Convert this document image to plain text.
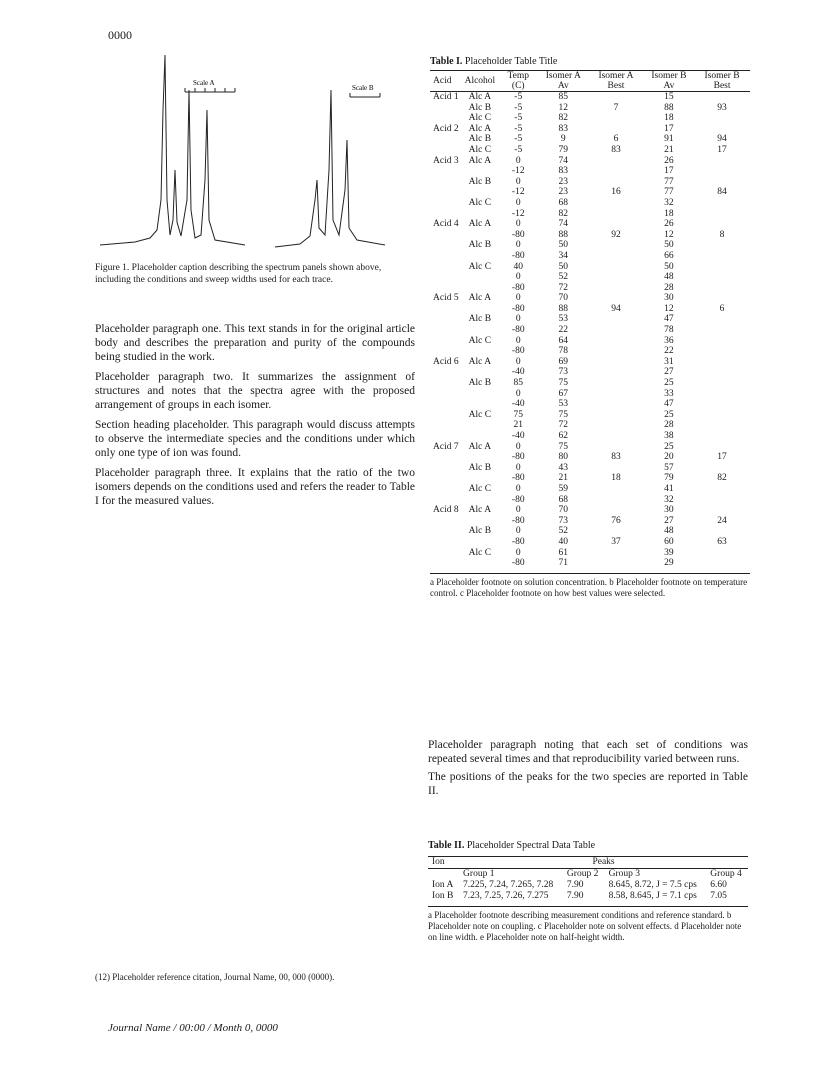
0000
Scale A
Scale B
Figure 1. Placeholder caption describing the spectrum panels shown above, including the conditions and sweep widths used for each trace.

Placeholder paragraph one. This text stands in for the original article body and describes the preparation and purity of the compounds being studied in the work.

Placeholder paragraph two. It summarizes the assignment of structures and notes that the spectra agree with the proposed arrangement of groups in each isomer.

Section heading placeholder. This paragraph would discuss attempts to observe the intermediate species and the conditions under which only one type of ion was found.

Placeholder paragraph three. It explains that the ratio of the two isomers depends on the conditions used and refers the reader to Table I for the measured values.

(12) Placeholder reference citation, Journal Name, 00, 000 (0000).
Table I. Placeholder Table Title
Acid	Alcohol	Temp (C)	Isomer A Av	Isomer A Best	Isomer B Av	Isomer B Best
Acid 1	Alc A	-5	85		15	
	Alc B	-5	12	7	88	93
	Alc C	-5	82		18	
Acid 2	Alc A	-5	83		17	
	Alc B	-5	9	6	91	94
	Alc C	-5	79	83	21	17
Acid 3	Alc A	0	74		26	
		-12	83		17	
	Alc B	0	23		77	
		-12	23	16	77	84
	Alc C	0	68		32	
		-12	82		18	
Acid 4	Alc A	0	74		26	
		-80	88	92	12	8
	Alc B	0	50		50	
		-80	34		66	
	Alc C	40	50		50	
		0	52		48	
		-80	72		28	
Acid 5	Alc A	0	70		30	
		-80	88	94	12	6
	Alc B	0	53		47	
		-80	22		78	
	Alc C	0	64		36	
		-80	78		22	
Acid 6	Alc A	0	69		31	
		-40	73		27	
	Alc B	85	75		25	
		0	67		33	
		-40	53		47	
	Alc C	75	75		25	
		21	72		28	
		-40	62		38	
Acid 7	Alc A	0	75		25	
		-80	80	83	20	17
	Alc B	0	43		57	
		-80	21	18	79	82
	Alc C	0	59		41	
		-80	68		32	
Acid 8	Alc A	0	70		30	
		-80	73	76	27	24
	Alc B	0	52		48	
		-80	40	37	60	63
	Alc C	0	61		39	
		-80	71		29	
a Placeholder footnote on solution concentration. b Placeholder footnote on temperature control. c Placeholder footnote on how best values were selected.

Placeholder paragraph noting that each set of conditions was repeated several times and that reproducibility varied between runs.

The positions of the peaks for the two species are reported in Table II.

Table II. Placeholder Spectral Data Table
Ion	Peaks			
	Group 1	Group 2	Group 3	Group 4
Ion A	7.225, 7.24, 7.265, 7.28	7.90	8.645, 8.72, J = 7.5 cps	6.60
Ion B	7.23, 7.25, 7.26, 7.275	7.90	8.58, 8.645, J = 7.1 cps	7.05
a Placeholder footnote describing measurement conditions and reference standard. b Placeholder note on coupling. c Placeholder note on solvent effects. d Placeholder note on line width. e Placeholder note on half-height width.
Journal Name / 00:00 / Month 0, 0000
